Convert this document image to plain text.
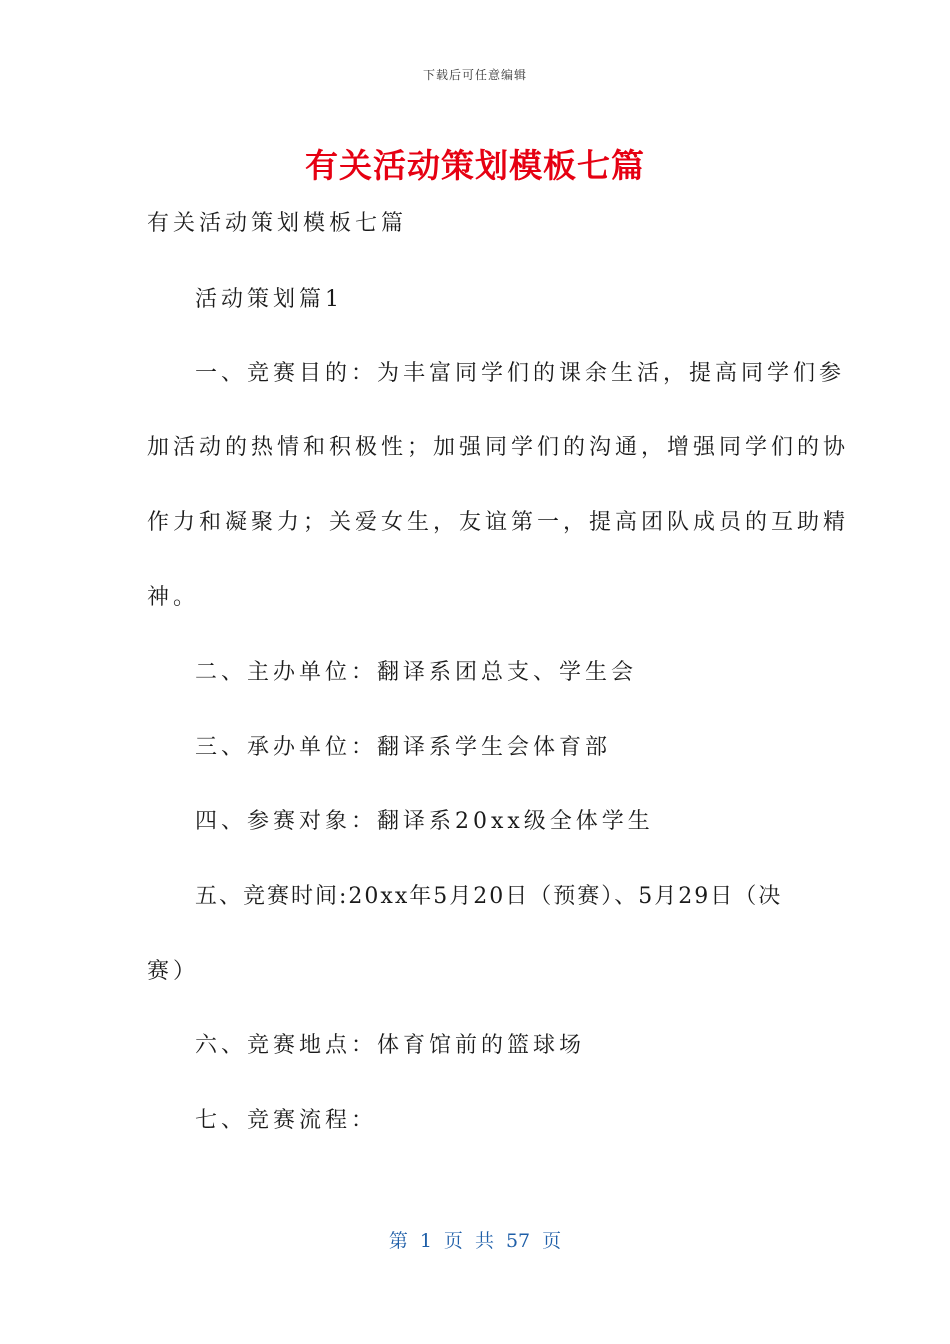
下载后可任意编辑
有关活动策划模板七篇
有关活动策划模板七篇
活动策划篇1
一、竞赛目的：为丰富同学们的课余生活，提高同学们参
加活动的热情和积极性；加强同学们的沟通，增强同学们的协
作力和凝聚力；关爱女生，友谊第一，提高团队成员的互助精
神。
二、主办单位：翻译系团总支、学生会
三、承办单位：翻译系学生会体育部
四、参赛对象：翻译系20xx级全体学生
五、竞赛时间:20xx年5月20日（预赛）、5月29日（决
赛）
六、竞赛地点：体育馆前的篮球场
七、竞赛流程：
第 1 页 共 57 页
